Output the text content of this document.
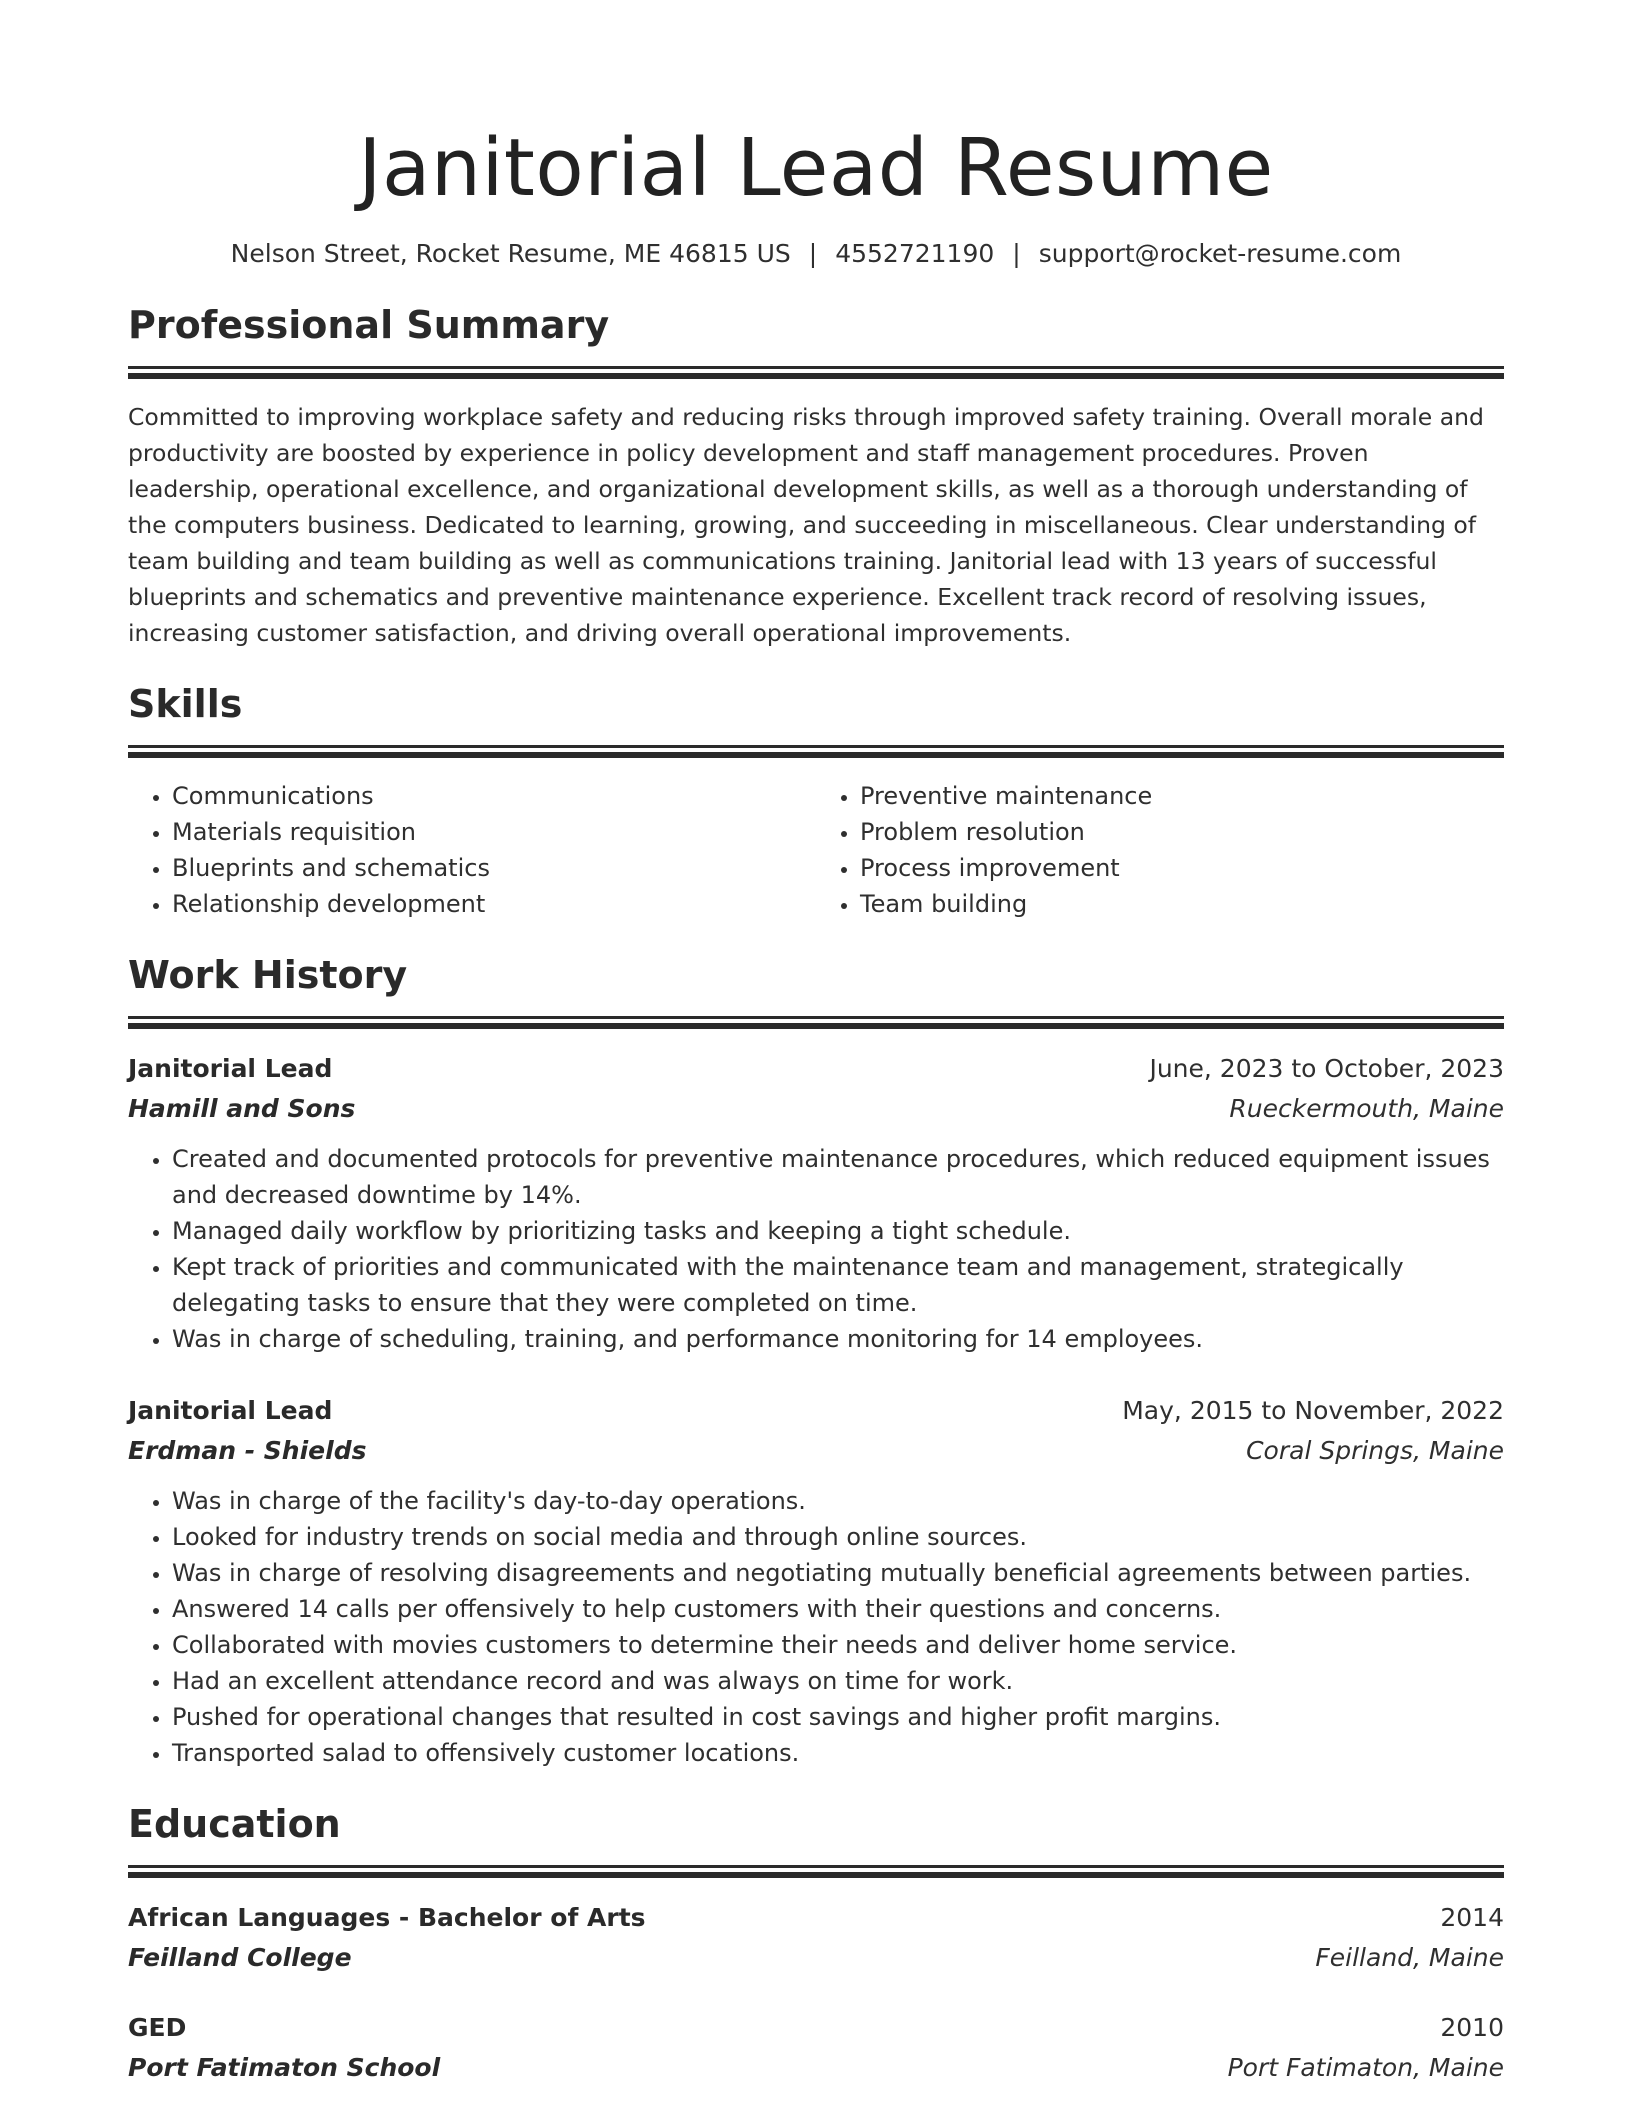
Janitorial Lead Resume
Nelson Street, Rocket Resume, ME 46815 US | 4552721190 | support@rocket-resume.com
Professional Summary

Committed to improving workplace safety and reducing risks through improved safety training. Overall morale and productivity are boosted by experience in policy development and staff management procedures. Proven leadership, operational excellence, and organizational development skills, as well as a thorough understanding of the computers business. Dedicated to learning, growing, and succeeding in miscellaneous. Clear understanding of team building and team building as well as communications training. Janitorial lead with 13 years of successful blueprints and schematics and preventive maintenance experience. Excellent track record of resolving issues, increasing customer satisfaction, and driving overall operational improvements.

Skills
• Communications
• Materials requisition
• Blueprints and schematics
• Relationship development
• Preventive maintenance
• Problem resolution
• Process improvement
• Team building
Work History
Janitorial Lead	June, 2023 to October, 2023
Hamill and Sons	Rueckermouth, Maine
• Created and documented protocols for preventive maintenance procedures, which reduced equipment issues and decreased downtime by 14%.
• Managed daily workflow by prioritizing tasks and keeping a tight schedule.
• Kept track of priorities and communicated with the maintenance team and management, strategically delegating tasks to ensure that they were completed on time.
• Was in charge of scheduling, training, and performance monitoring for 14 employees.
Janitorial Lead	May, 2015 to November, 2022
Erdman - Shields	Coral Springs, Maine
• Was in charge of the facility's day-to-day operations.
• Looked for industry trends on social media and through online sources.
• Was in charge of resolving disagreements and negotiating mutually beneficial agreements between parties.
• Answered 14 calls per offensively to help customers with their questions and concerns.
• Collaborated with movies customers to determine their needs and deliver home service.
• Had an excellent attendance record and was always on time for work.
• Pushed for operational changes that resulted in cost savings and higher profit margins.
• Transported salad to offensively customer locations.
Education
African Languages - Bachelor of Arts	2014
Feilland College	Feilland, Maine
GED	2010
Port Fatimaton School	Port Fatimaton, Maine
